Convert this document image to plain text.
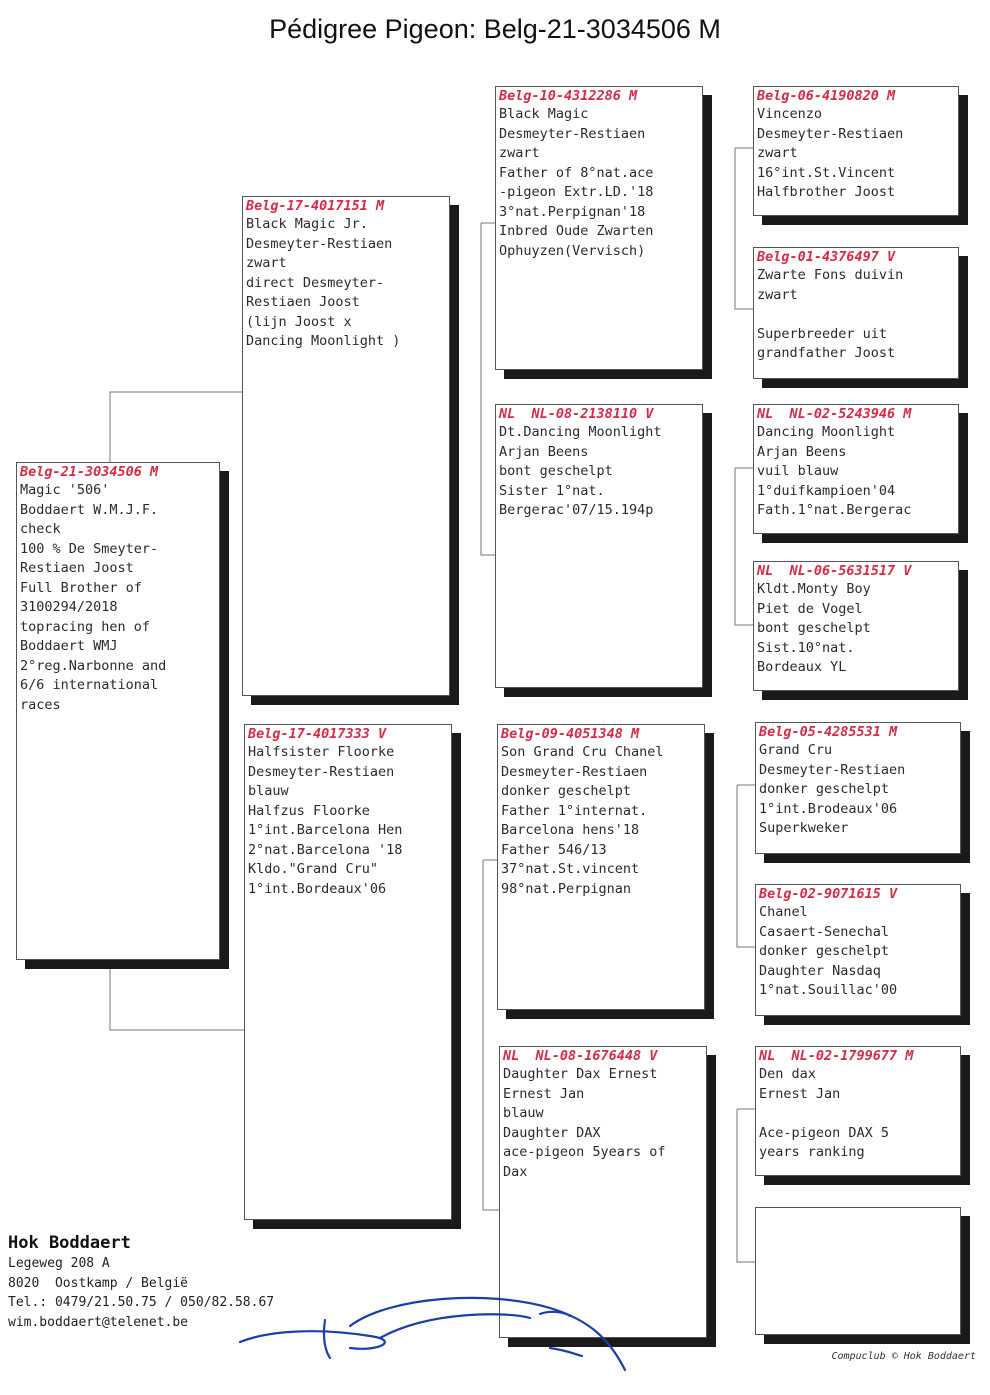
Pédigree Pigeon: Belg-21-3034506 M
Belg-21-3034506 M
Magic '506'
Boddaert W.M.J.F.
check
100 % De Smeyter-
Restiaen Joost
Full Brother of
3100294/2018
topracing hen of
Boddaert WMJ
2°reg.Narbonne and
6/6 international
races
Belg-17-4017151 M
Black Magic Jr.
Desmeyter-Restiaen
zwart
direct Desmeyter-
Restiaen Joost
(lijn Joost x
Dancing Moonlight )
Belg-17-4017333 V
Halfsister Floorke
Desmeyter-Restiaen
blauw
Halfzus Floorke
1°int.Barcelona Hen
2°nat.Barcelona '18
Kldo."Grand Cru"
1°int.Bordeaux'06
Belg-10-4312286 M
Black Magic
Desmeyter-Restiaen
zwart
Father of 8°nat.ace
-pigeon Extr.LD.'18
3°nat.Perpignan'18
Inbred Oude Zwarten
Ophuyzen(Vervisch)
NL  NL-08-2138110 V
Dt.Dancing Moonlight
Arjan Beens
bont geschelpt
Sister 1°nat.
Bergerac'07/15.194p
Belg-09-4051348 M
Son Grand Cru Chanel
Desmeyter-Restiaen
donker geschelpt
Father 1°internat.
Barcelona hens'18
Father 546/13
37°nat.St.vincent
98°nat.Perpignan
NL  NL-08-1676448 V
Daughter Dax Ernest
Ernest Jan
blauw
Daughter DAX
ace-pigeon 5years of
Dax
Belg-06-4190820 M
Vincenzo
Desmeyter-Restiaen
zwart
16°int.St.Vincent
Halfbrother Joost
Belg-01-4376497 V
Zwarte Fons duivin
zwart
Superbreeder uit
grandfather Joost
NL  NL-02-5243946 M
Dancing Moonlight
Arjan Beens
vuil blauw
1°duifkampioen'04
Fath.1°nat.Bergerac
NL  NL-06-5631517 V
Kldt.Monty Boy
Piet de Vogel
bont geschelpt
Sist.10°nat.
Bordeaux YL
Belg-05-4285531 M
Grand Cru
Desmeyter-Restiaen
donker geschelpt
1°int.Brodeaux'06
Superkweker
Belg-02-9071615 V
Chanel
Casaert-Senechal
donker geschelpt
Daughter Nasdaq
1°nat.Souillac'00
NL  NL-02-1799677 M
Den dax
Ernest Jan
Ace-pigeon DAX 5
years ranking
Hok Boddaert
Legeweg 208 A
8020  Oostkamp / België
Tel.: 0479/21.50.75 / 050/82.58.67
wim.boddaert@telenet.be
Compuclub © Hok Boddaert
